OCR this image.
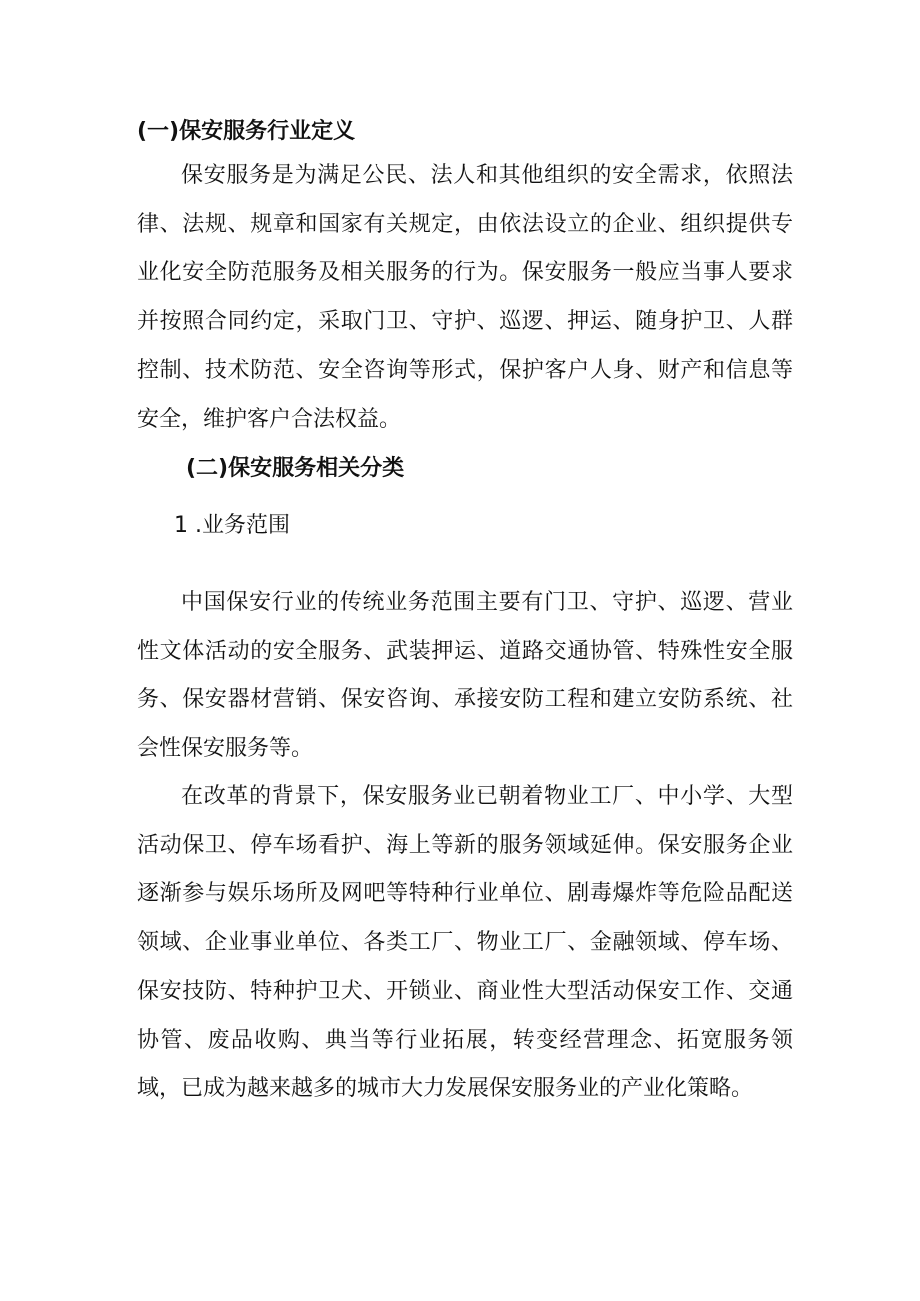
(一)保安服务行业定义

保安服务是为满足公民、法人和其他组织的安全需求，依照法律、法规、规章和国家有关规定，由依法设立的企业、组织提供专业化安全防范服务及相关服务的行为。保安服务一般应当事人要求并按照合同约定，采取门卫、守护、巡逻、押运、随身护卫、人群控制、技术防范、安全咨询等形式，保护客户人身、财产和信息等安全，维护客户合法权益。

(二)保安服务相关分类
1 .业务范围

中国保安行业的传统业务范围主要有门卫、守护、巡逻、营业性文体活动的安全服务、武装押运、道路交通协管、特殊性安全服务、保安器材营销、保安咨询、承接安防工程和建立安防系统、社会性保安服务等。

在改革的背景下，保安服务业已朝着物业工厂、中小学、大型活动保卫、停车场看护、海上等新的服务领域延伸。保安服务企业逐渐参与娱乐场所及网吧等特种行业单位、剧毒爆炸等危险品配送领域、企业事业单位、各类工厂、物业工厂、金融领域、停车场、保安技防、特种护卫犬、开锁业、商业性大型活动保安工作、交通协管、废品收购、典当等行业拓展，转变经营理念、拓宽服务领域，已成为越来越多的城市大力发展保安服务业的产业化策略。
